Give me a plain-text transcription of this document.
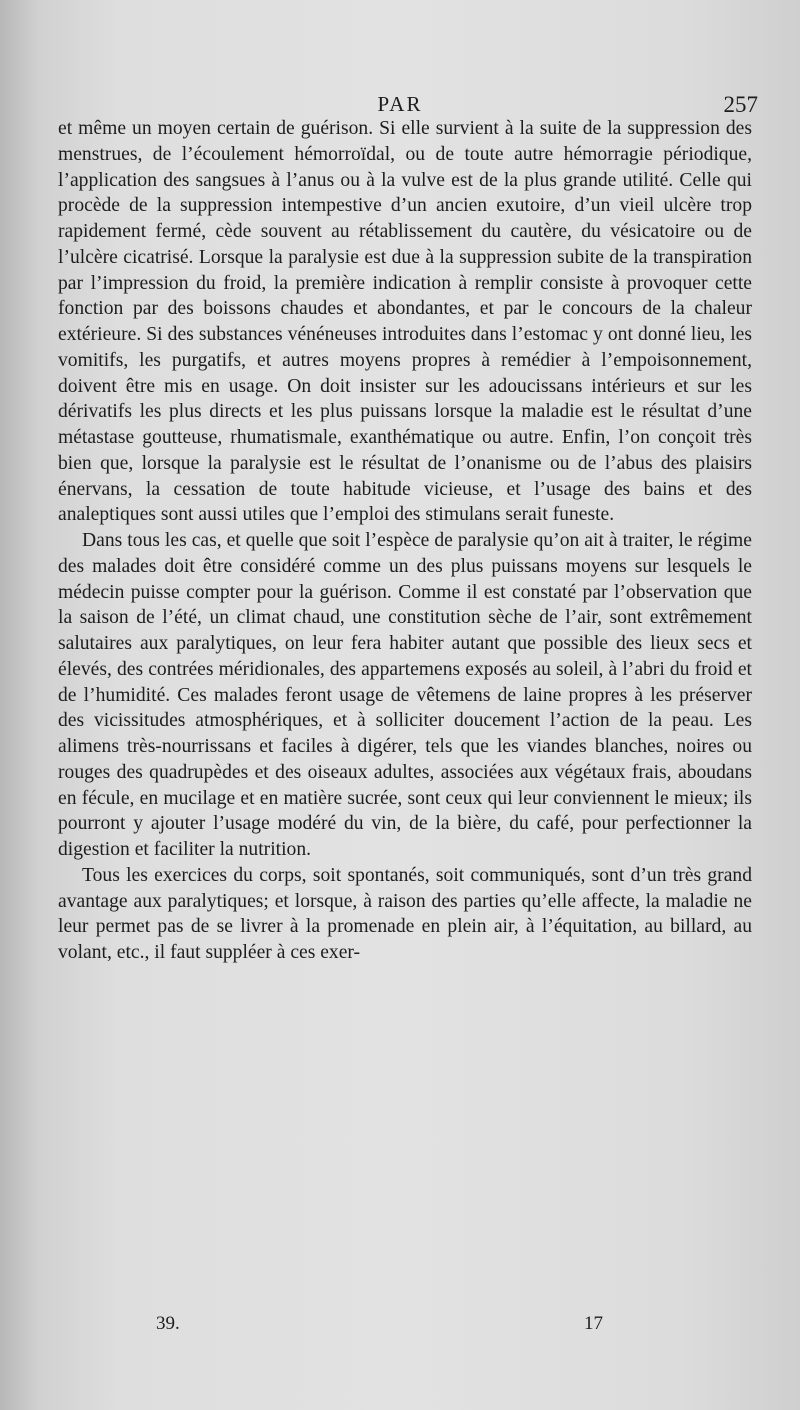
PAR	257

et même un moyen certain de guérison. Si elle survient à la suite de la suppression des menstrues, de l’écoulement hémorroïdal, ou de toute autre hémorragie périodique, l’application des sangsues à l’anus ou à la vulve est de la plus grande utilité. Celle qui procède de la suppression intempestive d’un ancien exutoire, d’un vieil ulcère trop rapidement fermé, cède souvent au rétablissement du cautère, du vésicatoire ou de l’ulcère cicatrisé. Lorsque la paralysie est due à la suppression subite de la transpiration par l’impression du froid, la première indication à remplir consiste à provoquer cette fonction par des boissons chaudes et abondantes, et par le concours de la chaleur extérieure. Si des substances vénéneuses introduites dans l’estomac y ont donné lieu, les vomitifs, les purgatifs, et autres moyens propres à remédier à l’empoisonnement, doivent être mis en usage. On doit insister sur les adoucissans intérieurs et sur les dérivatifs les plus directs et les plus puissans lorsque la maladie est le résultat d’une métastase goutteuse, rhumatismale, exanthématique ou autre. Enfin, l’on conçoit très bien que, lorsque la paralysie est le résultat de l’onanisme ou de l’abus des plaisirs énervans, la cessation de toute habitude vicieuse, et l’usage des bains et des analeptiques sont aussi utiles que l’emploi des stimulans serait funeste.

Dans tous les cas, et quelle que soit l’espèce de paralysie qu’on ait à traiter, le régime des malades doit être considéré comme un des plus puissans moyens sur lesquels le médecin puisse compter pour la guérison. Comme il est constaté par l’observation que la saison de l’été, un climat chaud, une constitution sèche de l’air, sont extrêmement salutaires aux paralytiques, on leur fera habiter autant que possible des lieux secs et élevés, des contrées méridionales, des appartemens exposés au soleil, à l’abri du froid et de l’humidité. Ces malades feront usage de vêtemens de laine propres à les préserver des vicissitudes atmosphériques, et à solliciter doucement l’action de la peau. Les alimens très-nourrissans et faciles à digérer, tels que les viandes blanches, noires ou rouges des quadrupèdes et des oiseaux adultes, associées aux végétaux frais, aboudans en fécule, en mucilage et en matière sucrée, sont ceux qui leur conviennent le mieux; ils pourront y ajouter l’usage modéré du vin, de la bière, du café, pour perfectionner la digestion et faciliter la nutrition.

Tous les exercices du corps, soit spontanés, soit communiqués, sont d’un très grand avantage aux paralytiques; et lorsque, à raison des parties qu’elle affecte, la maladie ne leur permet pas de se livrer à la promenade en plein air, à l’équitation, au billard, au volant, etc., il faut suppléer à ces exer-

39.	17
